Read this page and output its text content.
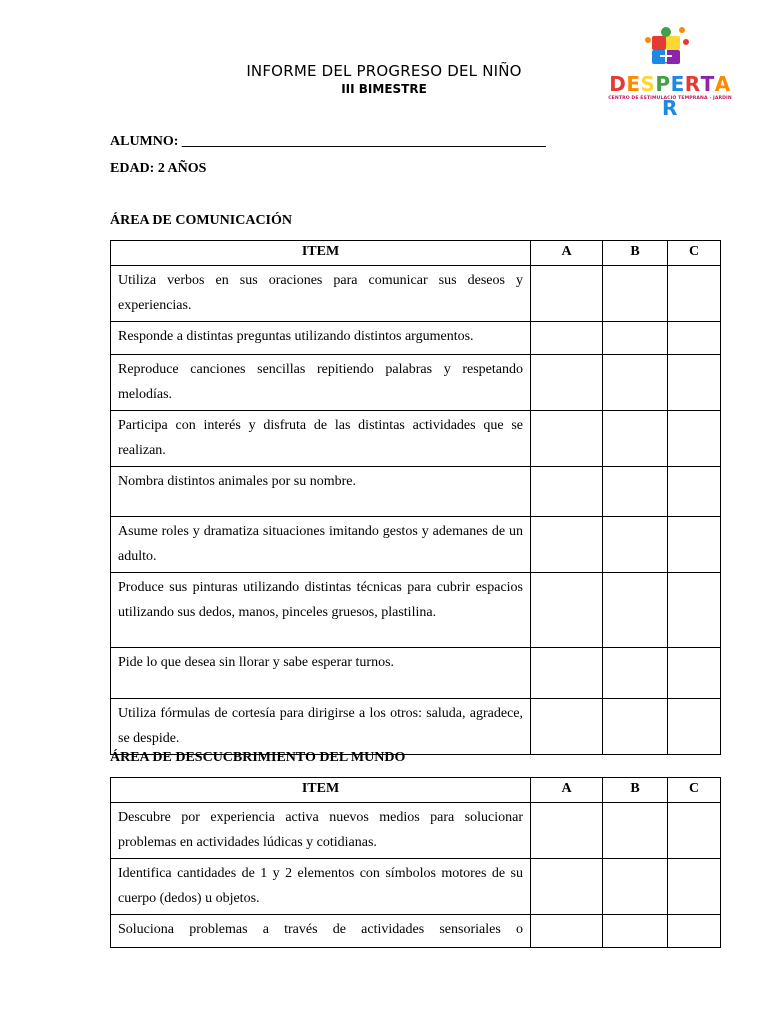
INFORME DEL PROGRESO DEL NIÑO
III BIMESTRE	DESPERTAR
CENTRO DE ESTIMULACIÓ TEMPRANA - JARDIN
ALUMNO: ____________________________________________________
EDAD: 2 AÑOS
ÁREA DE COMUNICACIÓN
ITEM	A	B	C
Utiliza verbos en sus oraciones para comunicar sus deseos y experiencias.			
Responde a distintas preguntas utilizando distintos argumentos.			
Reproduce canciones sencillas repitiendo palabras y respetando melodías.			
Participa con interés y disfruta de las distintas actividades que se realizan.			
Nombra distintos animales por su nombre.			
Asume roles y dramatiza situaciones imitando gestos y ademanes de un adulto.			
Produce sus pinturas utilizando distintas técnicas para cubrir espacios utilizando sus dedos, manos, pinceles gruesos, plastilina.			
Pide lo que desea sin llorar y sabe esperar turnos.			
Utiliza fórmulas de cortesía para dirigirse a los otros: saluda, agradece, se despide.			
ÁREA DE DESCUCBRIMIENTO DEL MUNDO
ITEM	A	B	C
Descubre por experiencia activa nuevos medios para solucionar problemas en actividades lúdicas y cotidianas.			
Identifica cantidades de 1 y 2 elementos con símbolos motores de su cuerpo (dedos) u objetos.			
Soluciona problemas a través de actividades sensoriales o			
